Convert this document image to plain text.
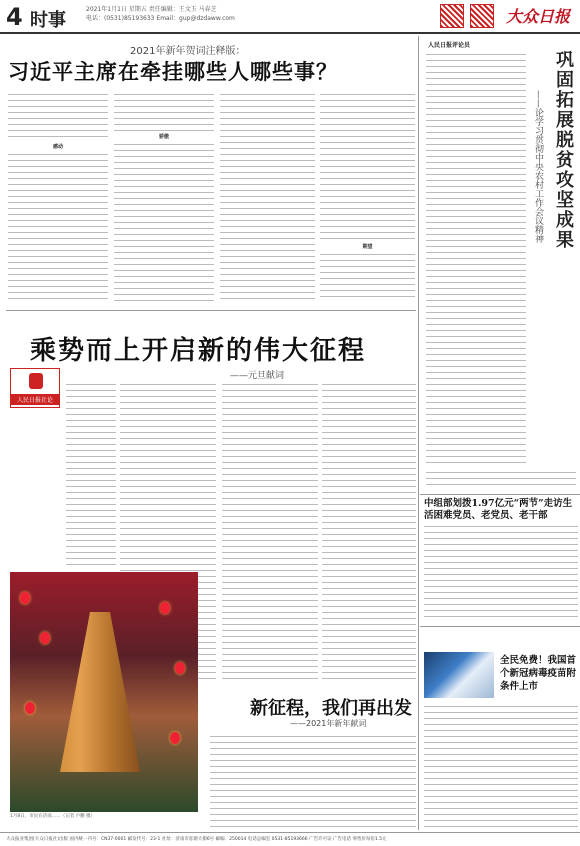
4 时事
2021年1月1日 星期五 责任编辑：王文玉 马春芝
电话：(0531)85193633 Email：gup@dzdaww.com	大众日报
2021年新年贺词注释版：
习近平主席在牵挂哪些人哪些事？
感动
骄傲
期望
乘势而上开启新的伟大征程
——元旦献词
人民日报社论
1月8日，市民在济南……（记者 卢鹏 摄）
新征程，我们再出发
——2021年新年献词
人民日报评论员
巩固拓展脱贫攻坚成果
——论学习贯彻中央农村工作会议精神
中组部划拨1.97亿元“两节”走访生活困难党员、老党员、老干部
全民免费！我国首个新冠病毒疫苗附条件上市
大众报业集团(大众日报社)出版 国内统一刊号：CN37-0001 邮发代号：23-1 社址：济南市泺源大街6号 邮编：250014 电话总编室 0531-85193666 广告许可证 广告电话 零售价每份1.5元
